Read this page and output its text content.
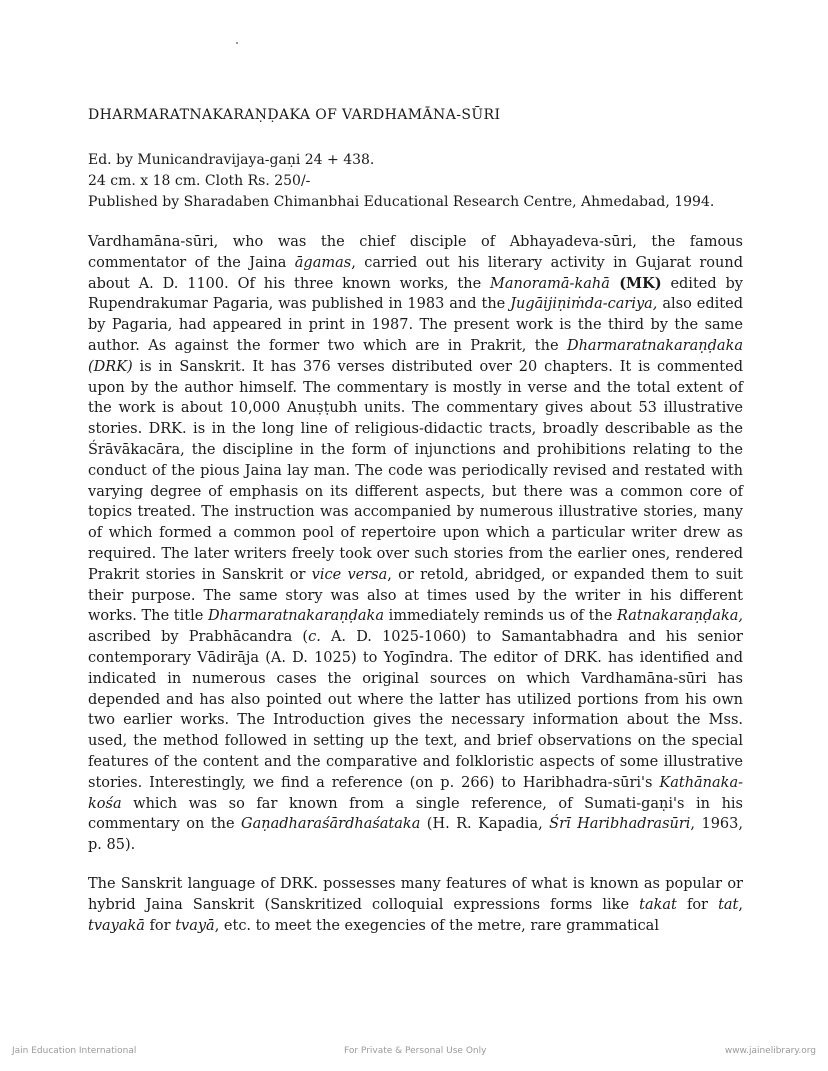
DHARMARATNAKARAṆḌAKA OF VARDHAMĀNA-SŪRI
Ed. by Municandravijaya-gaṇi 24 + 438.
24 cm. x 18 cm. Cloth Rs. 250/-
Published by Sharadaben Chimanbhai Educational Research Centre, Ahmedabad, 1994.

Vardhamāna-sūri, who was the chief disciple of Abhayadeva-sūri, the famous commentator of the Jaina āgamas, carried out his literary activity in Gujarat round about A. D. 1100. Of his three known works, the Manoramā-kahā (MK) edited by Rupendrakumar Pagaria, was published in 1983 and the Jugāijiṇiṁda-cariya, also edited by Pagaria, had appeared in print in 1987. The present work is the third by the same author. As against the former two which are in Prakrit, the Dharmaratnakaraṇḍaka (DRK) is in Sanskrit. It has 376 verses distributed over 20 chapters. It is commented upon by the author himself. The commentary is mostly in verse and the total extent of the work is about 10,000 Anuṣṭubh units. The commentary gives about 53 illustrative stories. DRK. is in the long line of religious-didactic tracts, broadly describable as the Śrāvākacāra, the discipline in the form of injunctions and prohibitions relating to the conduct of the pious Jaina lay man. The code was periodically revised and restated with varying degree of emphasis on its different aspects, but there was a common core of topics treated. The instruction was accompanied by numerous illustrative stories, many of which formed a common pool of repertoire upon which a particular writer drew as required. The later writers freely took over such stories from the earlier ones, rendered Prakrit stories in Sanskrit or vice versa, or retold, abridged, or expanded them to suit their purpose. The same story was also at times used by the writer in his different works. The title Dharmaratnakaraṇḍaka immediately reminds us of the Ratnakaraṇḍaka, ascribed by Prabhācandra (c. A. D. 1025-1060) to Samantabhadra and his senior contemporary Vādirāja (A. D. 1025) to Yogīndra. The editor of DRK. has identified and indicated in numerous cases the original sources on which Vardhamāna-sūri has depended and has also pointed out where the latter has utilized portions from his own two earlier works. The Introduction gives the necessary information about the Mss. used, the method followed in setting up the text, and brief observations on the special features of the content and the comparative and folkloristic aspects of some illustrative stories. Interestingly, we find a reference (on p. 266) to Haribhadra-sūri's Kathānaka-kośa which was so far known from a single reference, of Sumati-gaṇi's in his commentary on the Gaṇadharaśārdhaśataka (H. R. Kapadia, Śrī Haribhadrasūri, 1963, p. 85).

The Sanskrit language of DRK. possesses many features of what is known as popular or hybrid Jaina Sanskrit (Sanskritized colloquial expressions forms like takat for tat, tvayakā for tvayā, etc. to meet the exegencies of the metre, rare grammatical

Jain Education International	For Private & Personal Use Only	www.jainelibrary.org
